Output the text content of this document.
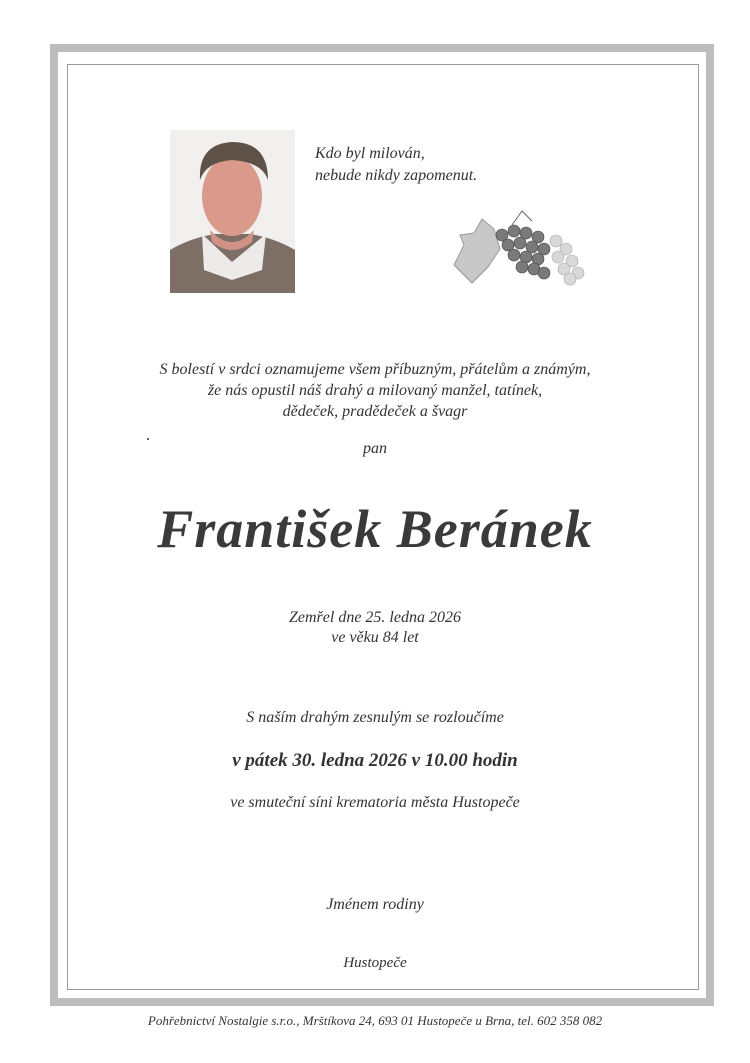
Kdo byl milován,
nebude nikdy zapomenut.
S bolestí v srdci oznamujeme všem příbuzným, přátelům a známým,
že nás opustil náš drahý a milovaný manžel, tatínek,
dědeček, pradědeček a švagr
pan
František Beránek
Zemřel dne 25. ledna 2026
ve věku 84 let
S naším drahým zesnulým se rozloučíme
v pátek 30. ledna 2026 v 10.00 hodin
ve smuteční síni krematoria města Hustopeče
Jménem rodiny
Hustopeče
Pohřebnictví Nostalgie s.r.o., Mrštíkova 24, 693 01 Hustopeče u Brna, tel. 602 358 082
